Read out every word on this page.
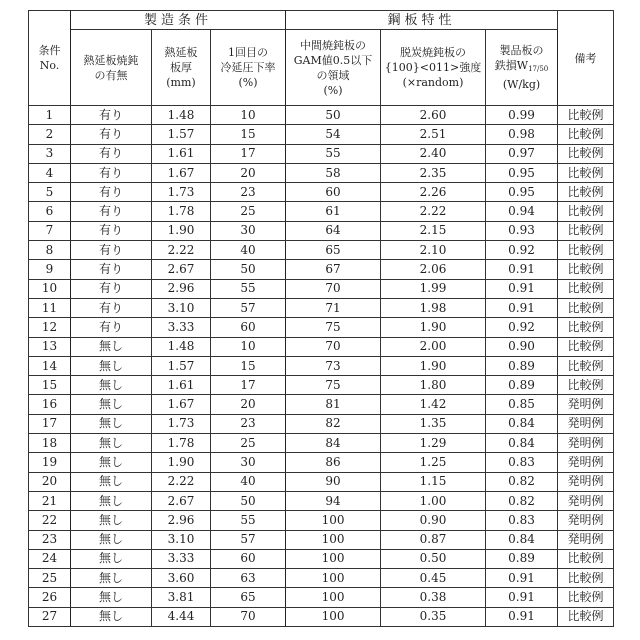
条件
No.
	製造条件	鋼板特性	備考

熱延板焼鈍
の有無

熱延板
板厚
(mm)

1回目の
冷延圧下率
(%)

中間焼鈍板の
GAM値0.5以下
の領域
(%)

脱炭焼鈍板の
{100}<011>強度
(×random)

製品板の
鉄損W17/50
(W/kg)

1	有り	1.48	10	50	2.60	0.99	比較例
2	有り	1.57	15	54	2.51	0.98	比較例
3	有り	1.61	17	55	2.40	0.97	比較例
4	有り	1.67	20	58	2.35	0.95	比較例
5	有り	1.73	23	60	2.26	0.95	比較例
6	有り	1.78	25	61	2.22	0.94	比較例
7	有り	1.90	30	64	2.15	0.93	比較例
8	有り	2.22	40	65	2.10	0.92	比較例
9	有り	2.67	50	67	2.06	0.91	比較例
10	有り	2.96	55	70	1.99	0.91	比較例
11	有り	3.10	57	71	1.98	0.91	比較例
12	有り	3.33	60	75	1.90	0.92	比較例
13	無し	1.48	10	70	2.00	0.90	比較例
14	無し	1.57	15	73	1.90	0.89	比較例
15	無し	1.61	17	75	1.80	0.89	比較例
16	無し	1.67	20	81	1.42	0.85	発明例
17	無し	1.73	23	82	1.35	0.84	発明例
18	無し	1.78	25	84	1.29	0.84	発明例
19	無し	1.90	30	86	1.25	0.83	発明例
20	無し	2.22	40	90	1.15	0.82	発明例
21	無し	2.67	50	94	1.00	0.82	発明例
22	無し	2.96	55	100	0.90	0.83	発明例
23	無し	3.10	57	100	0.87	0.84	発明例
24	無し	3.33	60	100	0.50	0.89	比較例
25	無し	3.60	63	100	0.45	0.91	比較例
26	無し	3.81	65	100	0.38	0.91	比較例
27	無し	4.44	70	100	0.35	0.91	比較例
